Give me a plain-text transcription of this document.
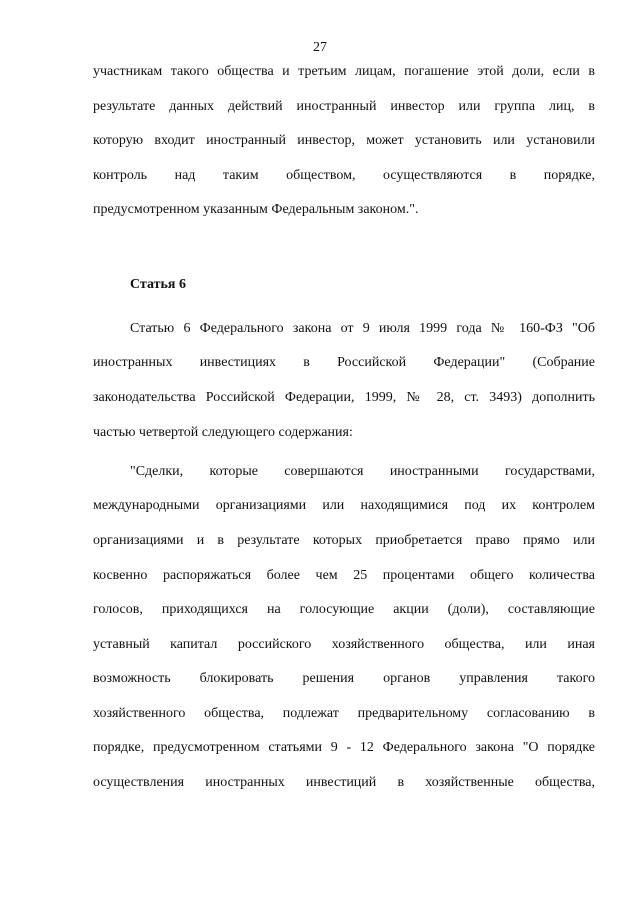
27
участникам такого общества и третьим лицам, погашение этой доли, если в
результате данных действий иностранный инвестор или группа лиц, в
которую входит иностранный инвестор, может установить или установили
контроль над таким обществом, осуществляются в порядке,
предусмотренном указанным Федеральным законом.".
Статья 6
Статью 6 Федерального закона от 9 июля 1999 года № 160-ФЗ "Об
иностранных инвестициях в Российской Федерации" (Собрание
законодательства Российской Федерации, 1999, № 28, ст. 3493) дополнить
частью четвертой следующего содержания:
"Сделки, которые совершаются иностранными государствами,
международными организациями или находящимися под их контролем
организациями и в результате которых приобретается право прямо или
косвенно распоряжаться более чем 25 процентами общего количества
голосов, приходящихся на голосующие акции (доли), составляющие
уставный капитал российского хозяйственного общества, или иная
возможность блокировать решения органов управления такого
хозяйственного общества, подлежат предварительному согласованию в
порядке, предусмотренном статьями 9 - 12 Федерального закона "О порядке
осуществления иностранных инвестиций в хозяйственные общества,
